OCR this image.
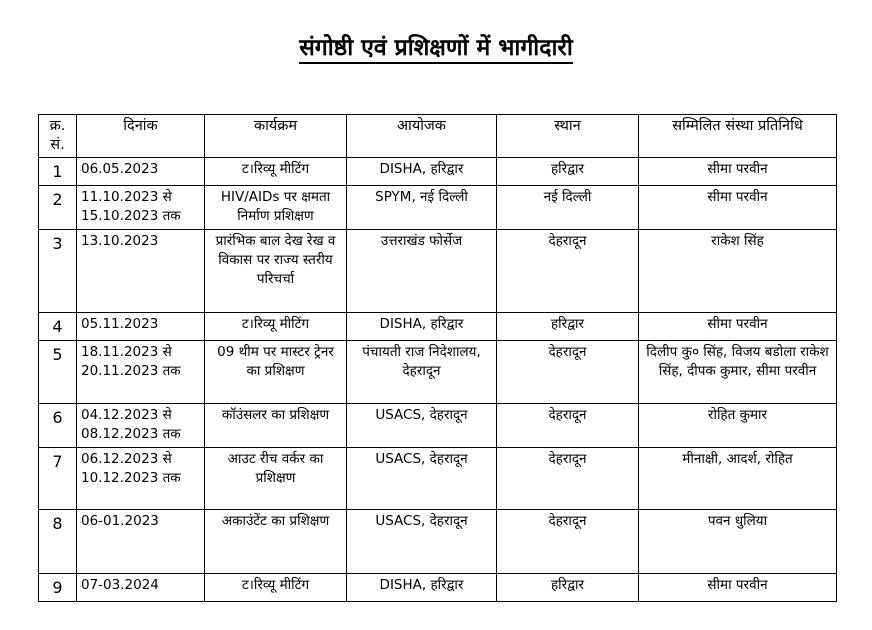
संगोष्ठी एवं प्रशिक्षणों में भागीदारी
क्र. सं.	दिनांक	कार्यक्रम	आयोजक	स्थान	सम्मिलित संस्था प्रतिनिधि
1	06.05.2023	ट।रिव्यू मीटिंग	DISHA, हरिद्वार	हरिद्वार	सीमा परवीन
2	11.10.2023 से 15.10.2023 तक	HIV/AIDs पर क्षमता निर्माण प्रशिक्षण	SPYM, नई दिल्ली	नई दिल्ली	सीमा परवीन
3	13.10.2023	प्रारंभिक बाल देख रेख व विकास पर राज्य स्तरीय परिचर्चा	उत्तराखंड फोर्सेज	देहरादून	राकेश सिंह
4	05.11.2023	ट।रिव्यू मीटिंग	DISHA, हरिद्वार	हरिद्वार	सीमा परवीन
5	18.11.2023 से 20.11.2023 तक	09 थीम पर मास्टर ट्रेनर का प्रशिक्षण	पंचायती राज निदेशालय, देहरादून	देहरादून	दिलीप कु० सिंह, विजय बडोला राकेश सिंह, दीपक कुमार, सीमा परवीन
6	04.12.2023 से 08.12.2023 तक	कॉउंसलर का प्रशिक्षण	USACS, देहरादून	देहरादून	रोहित कुमार
7	06.12.2023 से 10.12.2023 तक	आउट रीच वर्कर का प्रशिक्षण	USACS, देहरादून	देहरादून	मीनाक्षी, आदर्श, रोहित
8	06-01.2023	अकाउंटेंट का प्रशिक्षण	USACS, देहरादून	देहरादून	पवन धुलिया
9	07-03.2024	ट।रिव्यू मीटिंग	DISHA, हरिद्वार	हरिद्वार	सीमा परवीन
